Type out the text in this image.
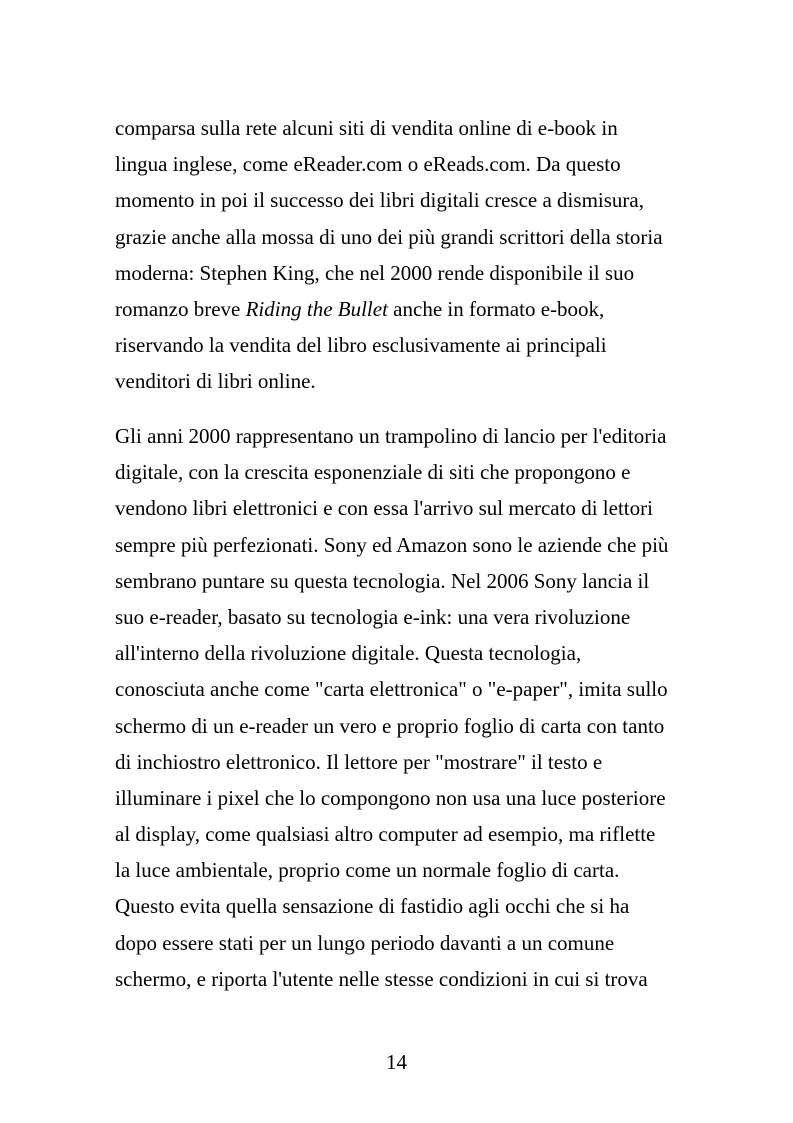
comparsa sulla rete alcuni siti di vendita online di e-book in
lingua inglese, come eReader.com o eReads.com. Da questo
momento in poi il successo dei libri digitali cresce a dismisura,
grazie anche alla mossa di uno dei più grandi scrittori della storia
moderna: Stephen King, che nel 2000 rende disponibile il suo
romanzo breve Riding the Bullet anche in formato e-book,
riservando la vendita del libro esclusivamente ai principali
venditori di libri online.
Gli anni 2000 rappresentano un trampolino di lancio per l'editoria
digitale, con la crescita esponenziale di siti che propongono e
vendono libri elettronici e con essa l'arrivo sul mercato di lettori
sempre più perfezionati. Sony ed Amazon sono le aziende che più
sembrano puntare su questa tecnologia. Nel 2006 Sony lancia il
suo e-reader, basato su tecnologia e-ink: una vera rivoluzione
all'interno della rivoluzione digitale. Questa tecnologia,
conosciuta anche come "carta elettronica" o "e-paper", imita sullo
schermo di un e-reader un vero e proprio foglio di carta con tanto
di inchiostro elettronico. Il lettore per "mostrare" il testo e
illuminare i pixel che lo compongono non usa una luce posteriore
al display, come qualsiasi altro computer ad esempio, ma riflette
la luce ambientale, proprio come un normale foglio di carta.
Questo evita quella sensazione di fastidio agli occhi che si ha
dopo essere stati per un lungo periodo davanti a un comune
schermo, e riporta l'utente nelle stesse condizioni in cui si trova
14
